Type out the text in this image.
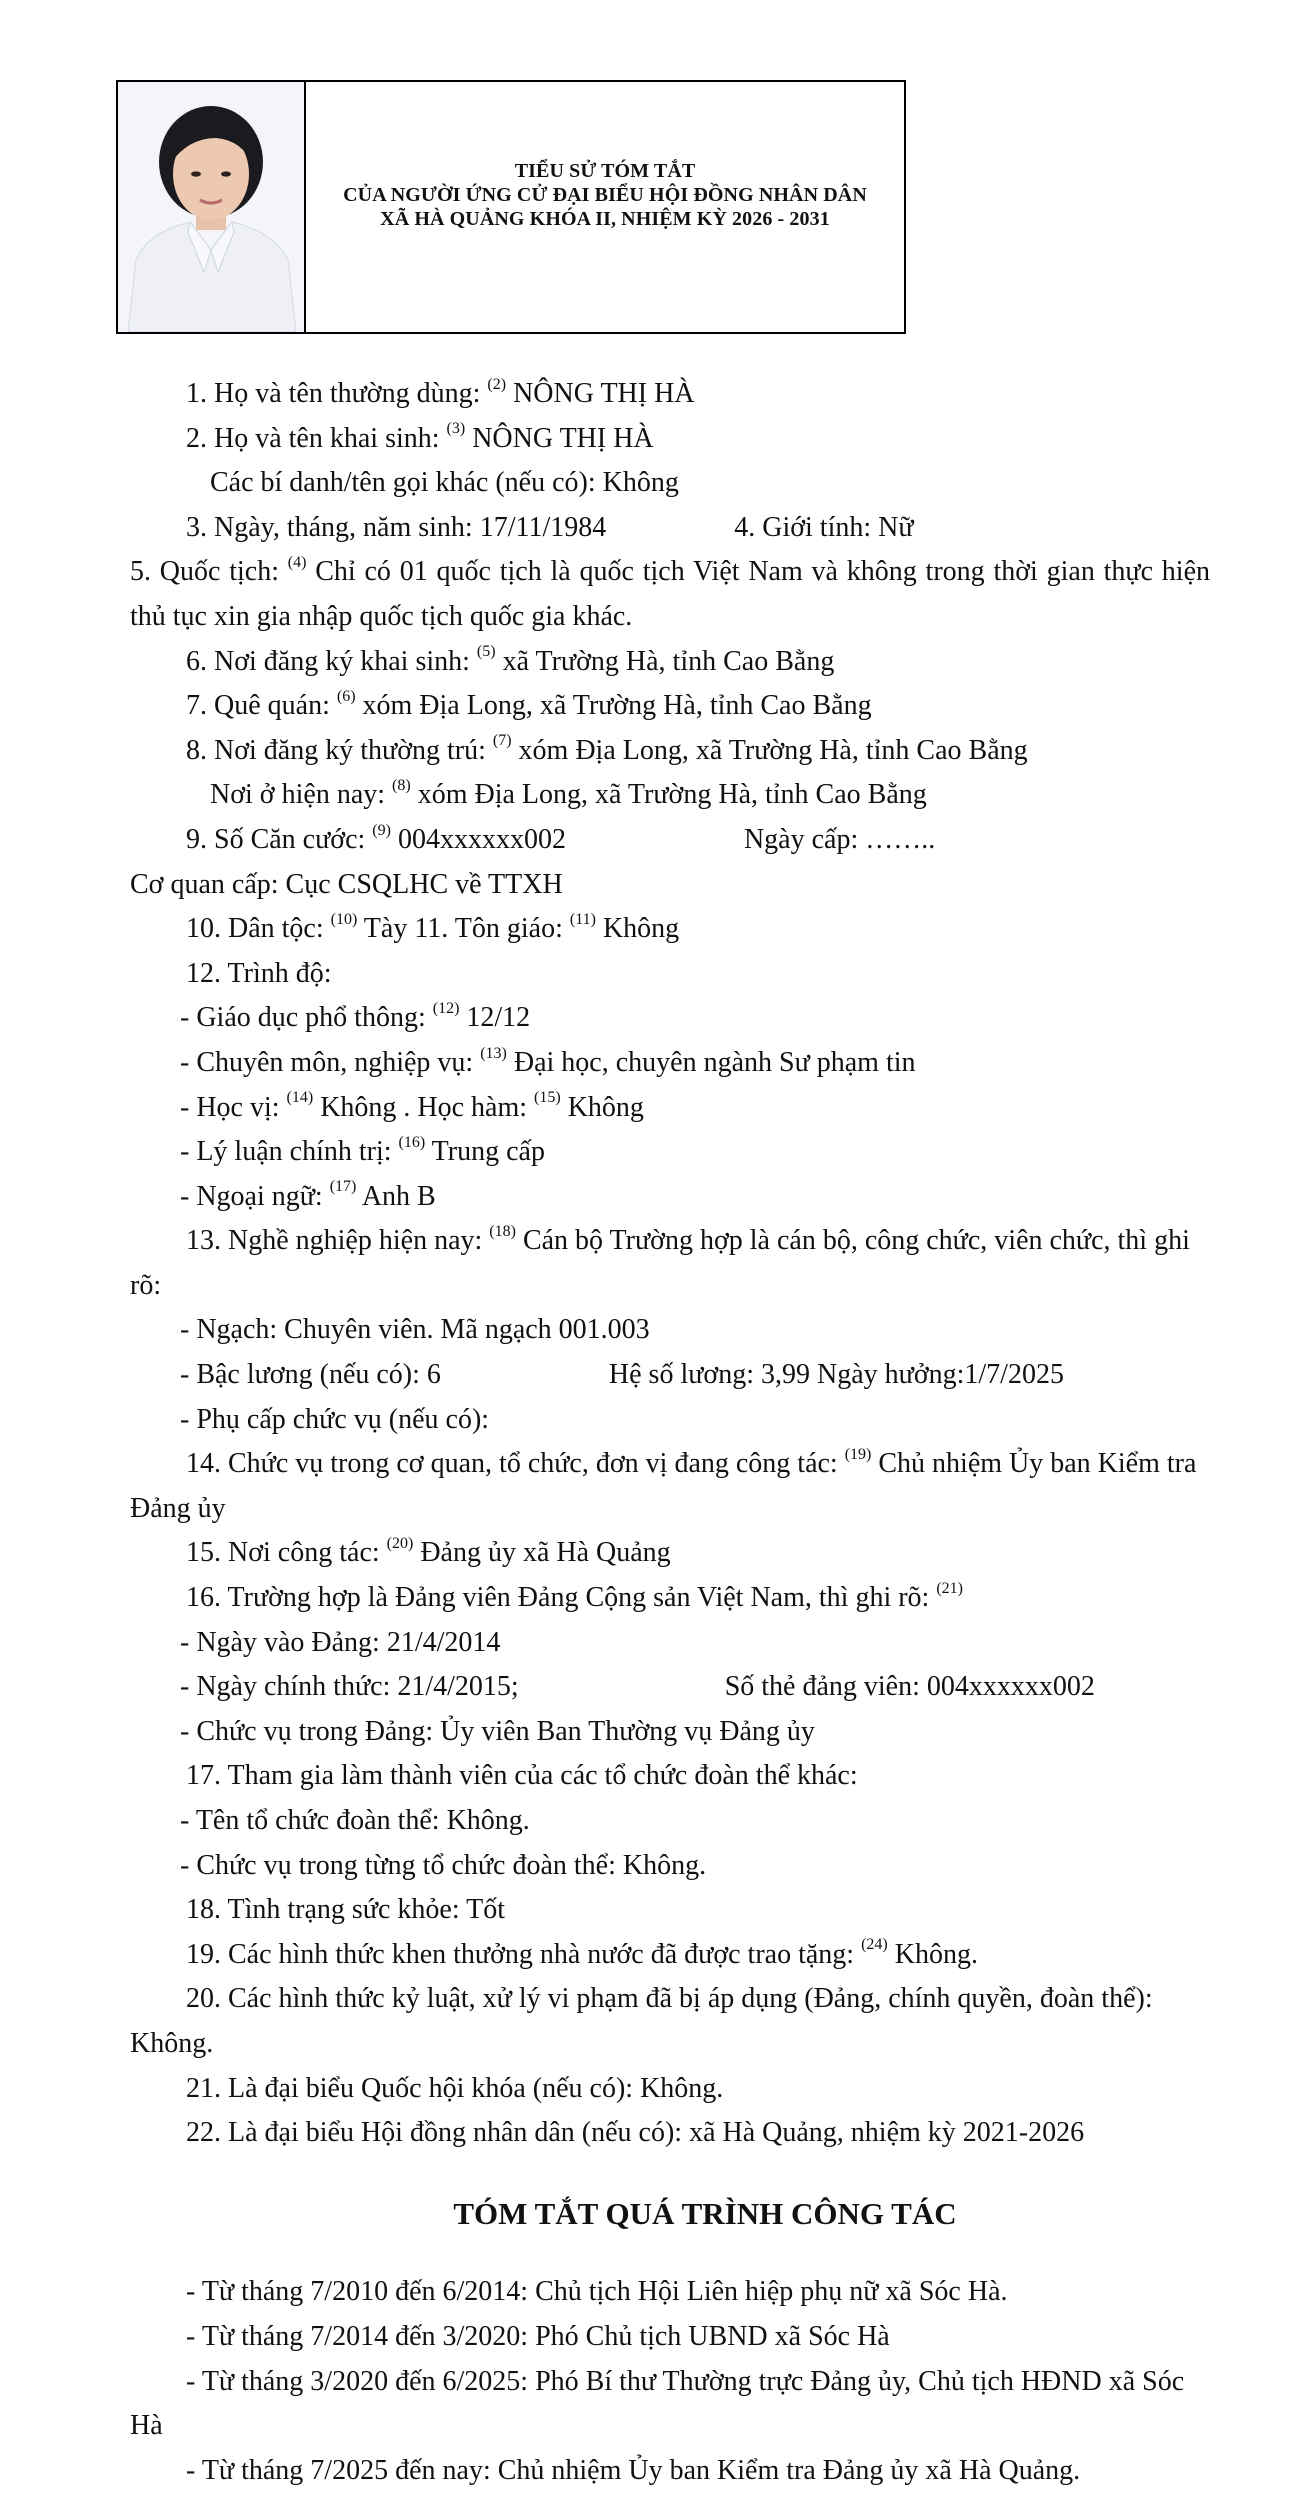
TIỂU SỬ TÓM TẮT
CỦA NGƯỜI ỨNG CỬ ĐẠI BIỂU HỘI ĐỒNG NHÂN DÂN
XÃ HÀ QUẢNG KHÓA II, NHIỆM KỲ 2026 - 2031

1. Họ và tên thường dùng: $^{(2)}$ NÔNG THỊ HÀ

2. Họ và tên khai sinh: $^{(3)}$ NÔNG THỊ HÀ

Các bí danh/tên gọi khác (nếu có): Không

3. Ngày, tháng, năm sinh: 17/11/1984	4. Giới tính: Nữ

5. Quốc tịch: $^{(4)}$ Chỉ có 01 quốc tịch là quốc tịch Việt Nam và không trong thời gian thực hiện thủ tục xin gia nhập quốc tịch quốc gia khác.

6. Nơi đăng ký khai sinh: $^{(5)}$ xã Trường Hà, tỉnh Cao Bằng

7. Quê quán: $^{(6)}$ xóm Địa Long, xã Trường Hà, tỉnh Cao Bằng

8. Nơi đăng ký thường trú: $^{(7)}$ xóm Địa Long, xã Trường Hà, tỉnh Cao Bằng

Nơi ở hiện nay: $^{(8)}$ xóm Địa Long, xã Trường Hà, tỉnh Cao Bằng

9. Số Căn cước: $^{(9)}$ 004xxxxxx002	Ngày cấp: ……..

Cơ quan cấp: Cục CSQLHC về TTXH

10. Dân tộc: $^{(10)}$ Tày 11. Tôn giáo: $^{(11)}$ Không

12. Trình độ:

- Giáo dục phổ thông: $^{(12)}$ 12/12

- Chuyên môn, nghiệp vụ: $^{(13)}$ Đại học, chuyên ngành Sư phạm tin

- Học vị: $^{(14)}$ Không . Học hàm: $^{(15)}$ Không

- Lý luận chính trị: $^{(16)}$ Trung cấp

- Ngoại ngữ: $^{(17)}$ Anh B

13. Nghề nghiệp hiện nay: $^{(18)}$ Cán bộ Trường hợp là cán bộ, công chức, viên chức, thì ghi rõ:

- Ngạch: Chuyên viên. Mã ngạch 001.003

- Bậc lương (nếu có): 6	Hệ số lương: 3,99 Ngày hưởng:1/7/2025

- Phụ cấp chức vụ (nếu có):

14. Chức vụ trong cơ quan, tổ chức, đơn vị đang công tác: $^{(19)}$ Chủ nhiệm Ủy ban Kiểm tra Đảng ủy

15. Nơi công tác: $^{(20)}$ Đảng ủy xã Hà Quảng

16. Trường hợp là Đảng viên Đảng Cộng sản Việt Nam, thì ghi rõ: $^{(21)}$

- Ngày vào Đảng: 21/4/2014

- Ngày chính thức: 21/4/2015;	Số thẻ đảng viên: 004xxxxxx002

- Chức vụ trong Đảng: Ủy viên Ban Thường vụ Đảng ủy

17. Tham gia làm thành viên của các tổ chức đoàn thể khác:

- Tên tổ chức đoàn thể: Không.

- Chức vụ trong từng tổ chức đoàn thể: Không.

18. Tình trạng sức khỏe: Tốt

19. Các hình thức khen thưởng nhà nước đã được trao tặng: $^{(24)}$ Không.

20. Các hình thức kỷ luật, xử lý vi phạm đã bị áp dụng (Đảng, chính quyền, đoàn thể): Không.

21. Là đại biểu Quốc hội khóa (nếu có): Không.

22. Là đại biểu Hội đồng nhân dân (nếu có): xã Hà Quảng, nhiệm kỳ 2021-2026

TÓM TẮT QUÁ TRÌNH CÔNG TÁC

- Từ tháng 7/2010 đến 6/2014: Chủ tịch Hội Liên hiệp phụ nữ xã Sóc Hà.

- Từ tháng 7/2014 đến 3/2020: Phó Chủ tịch UBND xã Sóc Hà

- Từ tháng 3/2020 đến 6/2025: Phó Bí thư Thường trực Đảng ủy, Chủ tịch HĐND xã Sóc Hà

- Từ tháng 7/2025 đến nay: Chủ nhiệm Ủy ban Kiểm tra Đảng ủy xã Hà Quảng.
